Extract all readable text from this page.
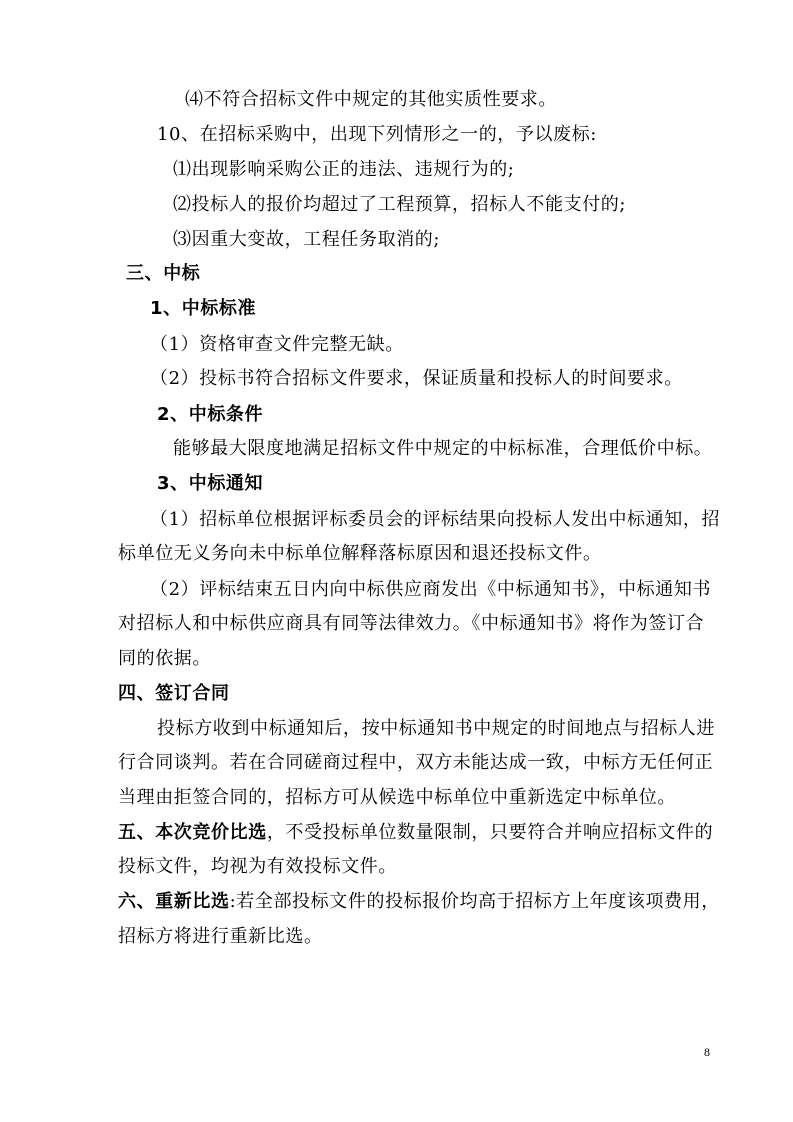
⑷不符合招标文件中规定的其他实质性要求。
10、在招标采购中，出现下列情形之一的，予以废标:
⑴出现影响采购公正的违法、违规行为的;
⑵投标人的报价均超过了工程预算，招标人不能支付的;
⑶因重大变故，工程任务取消的;
三、中标
1、中标标准
（1）资格审查文件完整无缺。
（2）投标书符合招标文件要求，保证质量和投标人的时间要求。
2、中标条件
能够最大限度地满足招标文件中规定的中标标准，合理低价中标。
3、中标通知
（1）招标单位根据评标委员会的评标结果向投标人发出中标通知，招
标单位无义务向未中标单位解释落标原因和退还投标文件。
（2）评标结束五日内向中标供应商发出《中标通知书》，中标通知书
对招标人和中标供应商具有同等法律效力。《中标通知书》将作为签订合
同的依据。
四、签订合同
投标方收到中标通知后，按中标通知书中规定的时间地点与招标人进
行合同谈判。若在合同磋商过程中，双方未能达成一致，中标方无任何正
当理由拒签合同的，招标方可从候选中标单位中重新选定中标单位。
五、本次竞价比选，不受投标单位数量限制，只要符合并响应招标文件的
投标文件，均视为有效投标文件。
六、重新比选:若全部投标文件的投标报价均高于招标方上年度该项费用，
招标方将进行重新比选。
8
